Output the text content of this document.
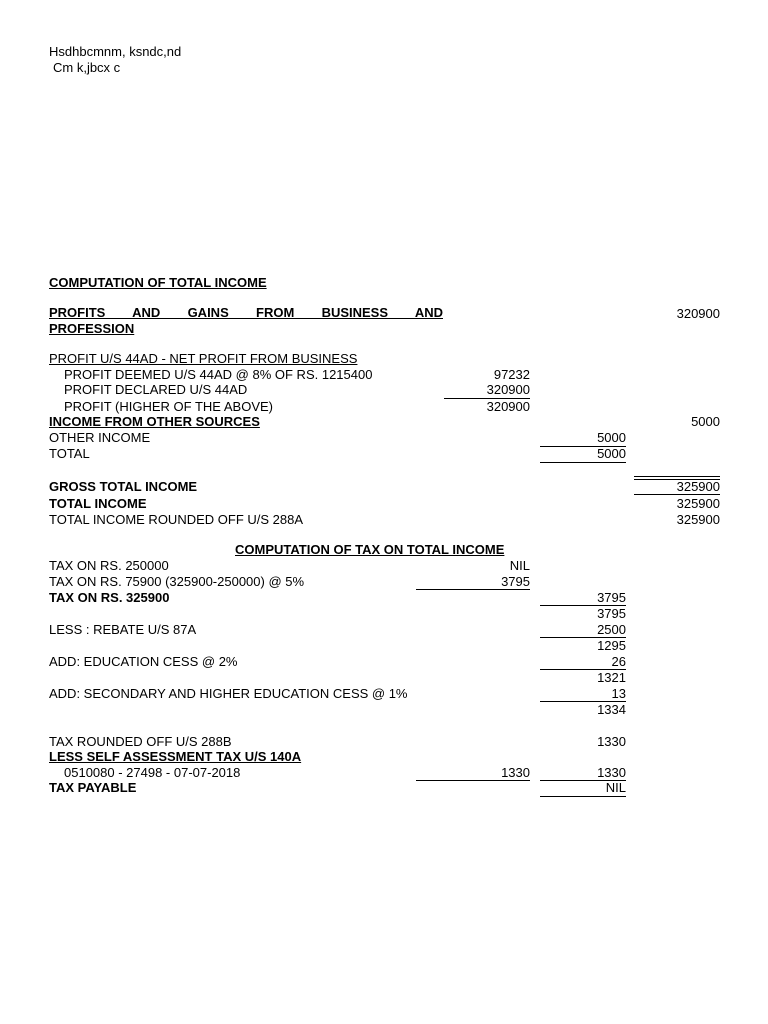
Hsdhbcmnm, ksndc,nd
Cm k,jbcx c
COMPUTATION OF TOTAL INCOME
PROFITS AND GAINS FROM BUSINESS AND
PROFESSION
320900
PROFIT U/S 44AD - NET PROFIT FROM BUSINESS
PROFIT DEEMED U/S 44AD @ 8% OF RS. 1215400	97232
PROFIT DECLARED U/S 44AD	320900
PROFIT (HIGHER OF THE ABOVE)	320900
INCOME FROM OTHER SOURCES	5000
OTHER INCOME	5000
TOTAL	5000
GROSS TOTAL INCOME	325900
TOTAL INCOME	325900
TOTAL INCOME ROUNDED OFF U/S 288A	325900
COMPUTATION OF TAX ON TOTAL INCOME
TAX ON RS. 250000	NIL
TAX ON RS. 75900 (325900-250000) @ 5%	3795
TAX ON RS. 325900	3795
3795
LESS : REBATE U/S 87A	2500
1295
ADD: EDUCATION CESS @ 2%	26
1321
ADD: SECONDARY AND HIGHER EDUCATION CESS @ 1%	13
1334
TAX ROUNDED OFF U/S 288B	1330
LESS SELF ASSESSMENT TAX U/S 140A
0510080 - 27498 - 07-07-2018	1330	1330
TAX PAYABLE	NIL
